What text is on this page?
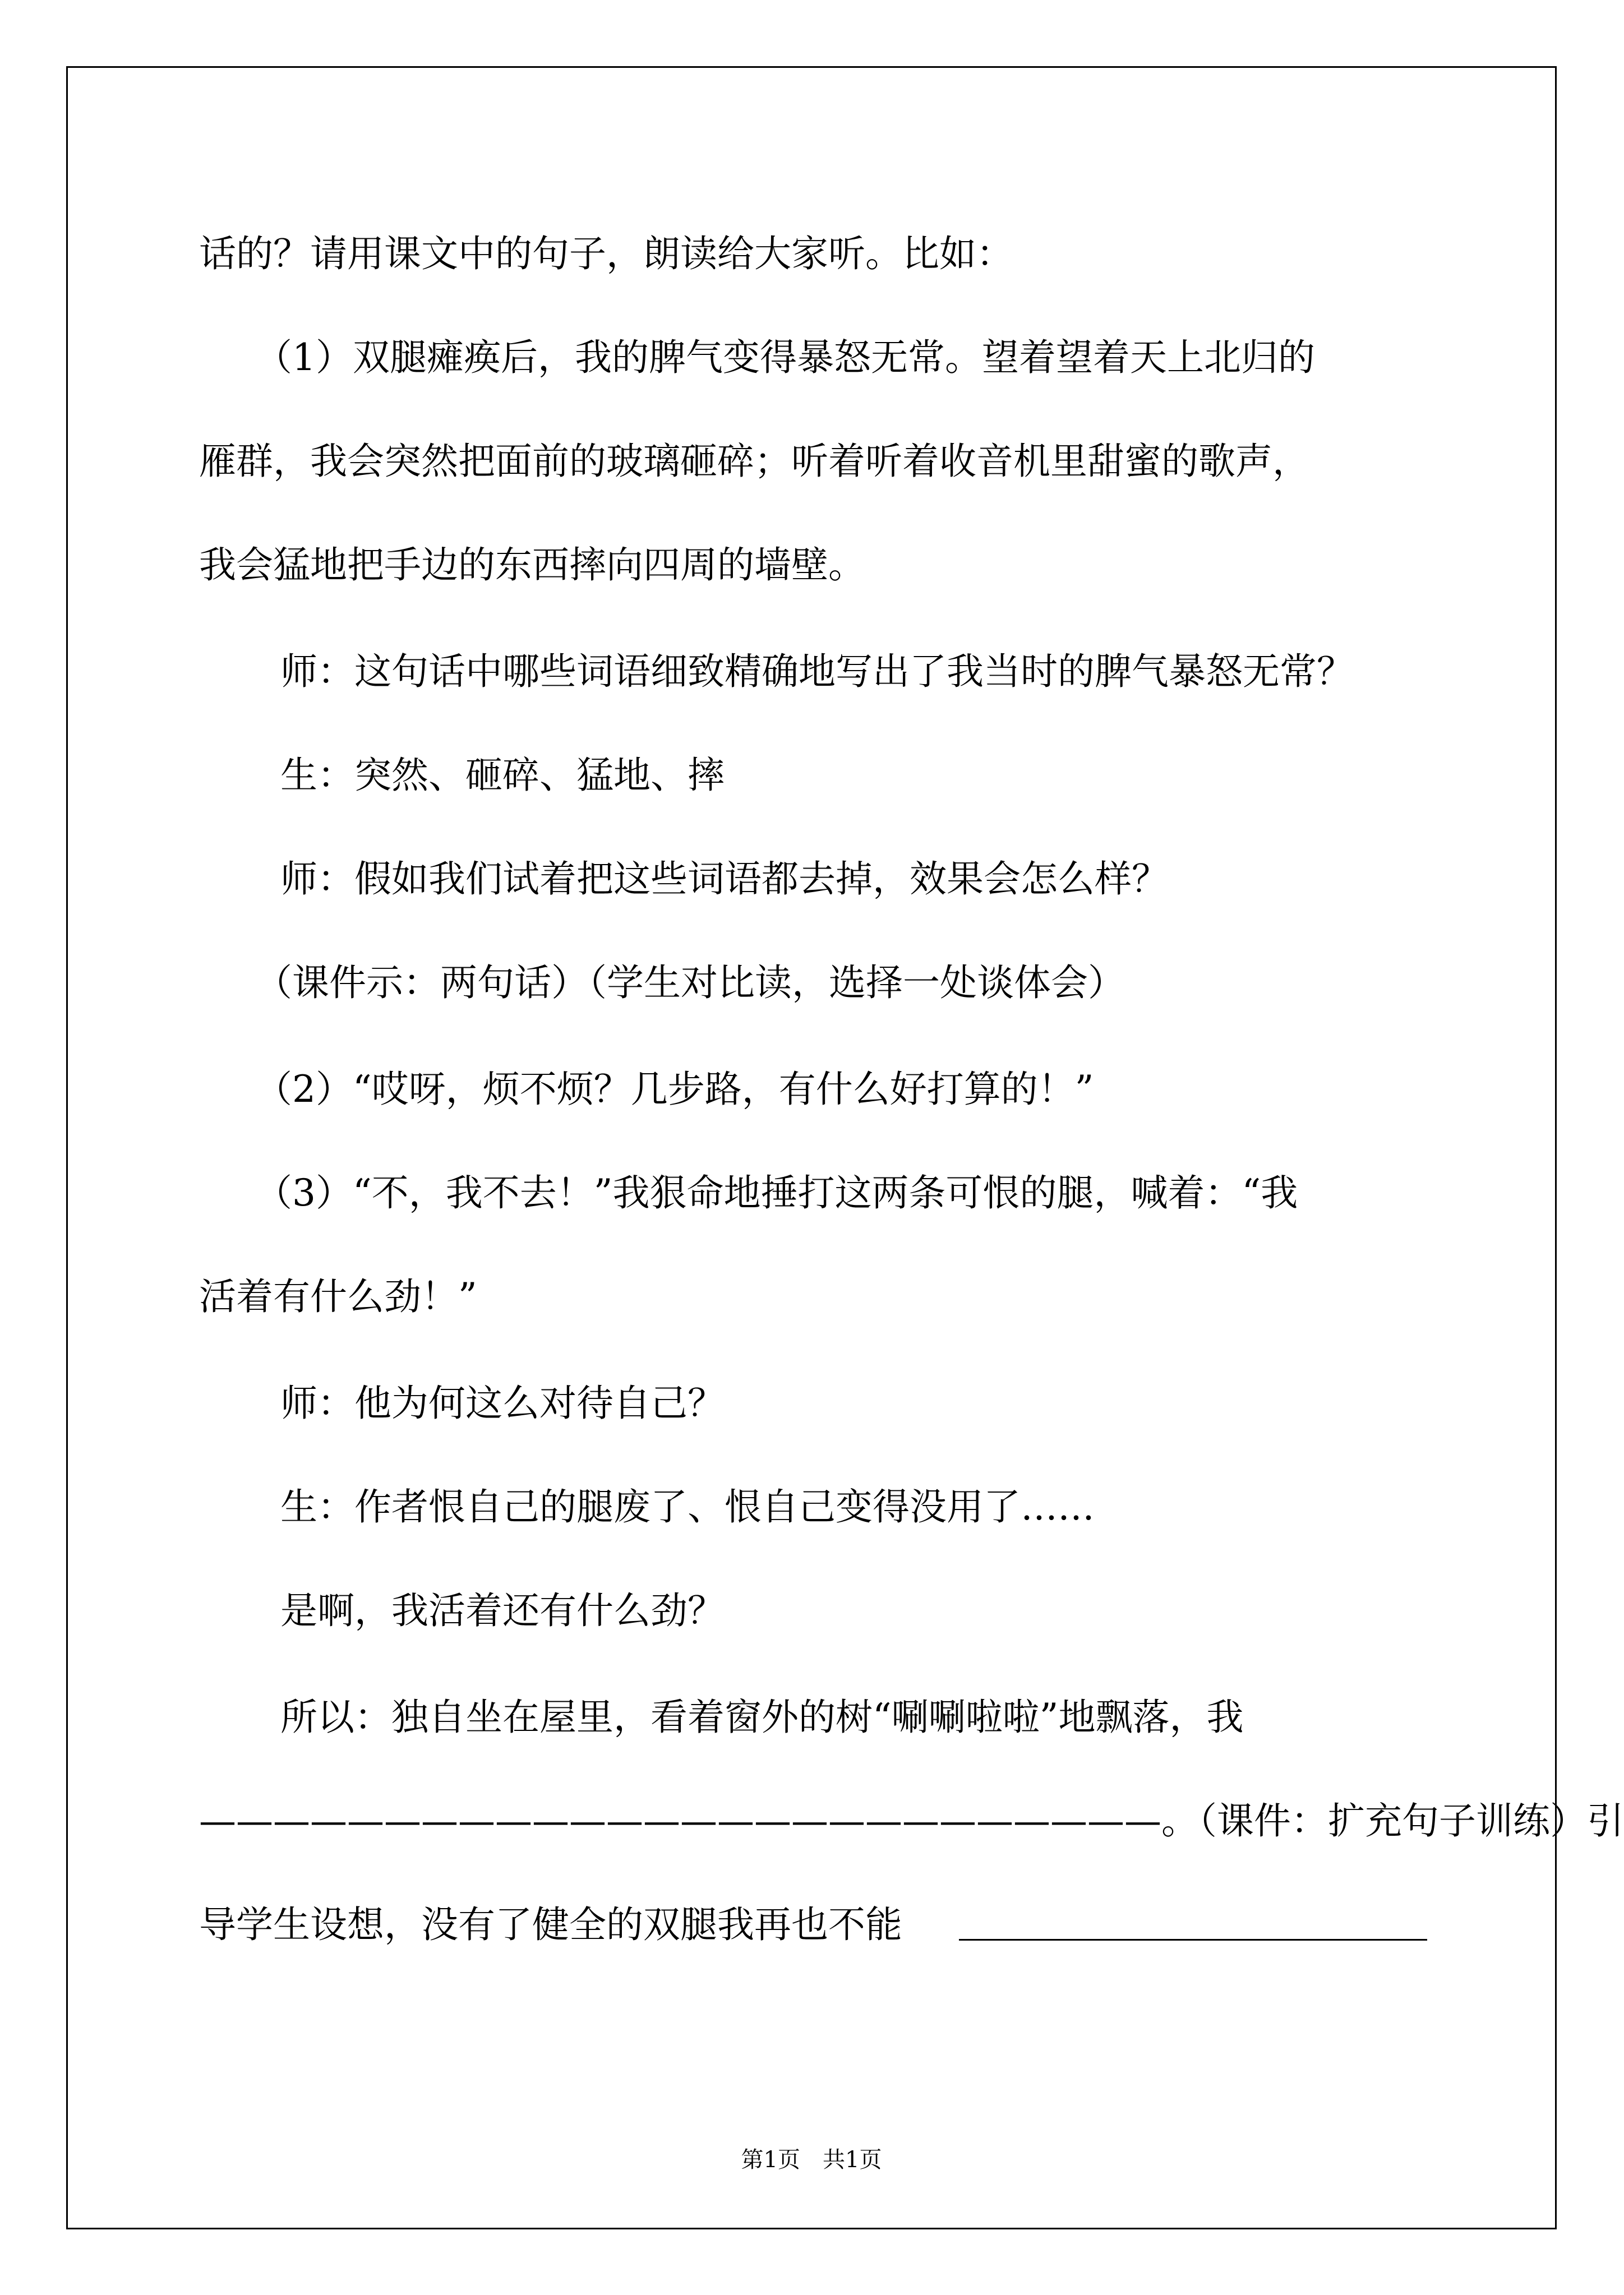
话的？请用课文中的句子，朗读给大家听。比如：
（1）双腿瘫痪后，我的脾气变得暴怒无常。望着望着天上北归的
雁群，我会突然把面前的玻璃砸碎；听着听着收音机里甜蜜的歌声，
我会猛地把手边的东西摔向四周的墙壁。
师：这句话中哪些词语细致精确地写出了我当时的脾气暴怒无常？
生：突然、砸碎、猛地、摔
师：假如我们试着把这些词语都去掉，效果会怎么样？
（课件示：两句话）（学生对比读，选择一处谈体会）
（2）“哎呀，烦不烦？几步路，有什么好打算的！”
（3）“不，我不去！”我狠命地捶打这两条可恨的腿，喊着：“我
活着有什么劲！”
师：他为何这么对待自己？
生：作者恨自己的腿废了、恨自己变得没用了……
是啊，我活着还有什么劲？
所以：独自坐在屋里，看着窗外的树“唰唰啦啦”地飘落，我
——————————————————————————。（课件：扩充句子训练）引
导学生设想，没有了健全的双腿我再也不能
第1页　共1页
